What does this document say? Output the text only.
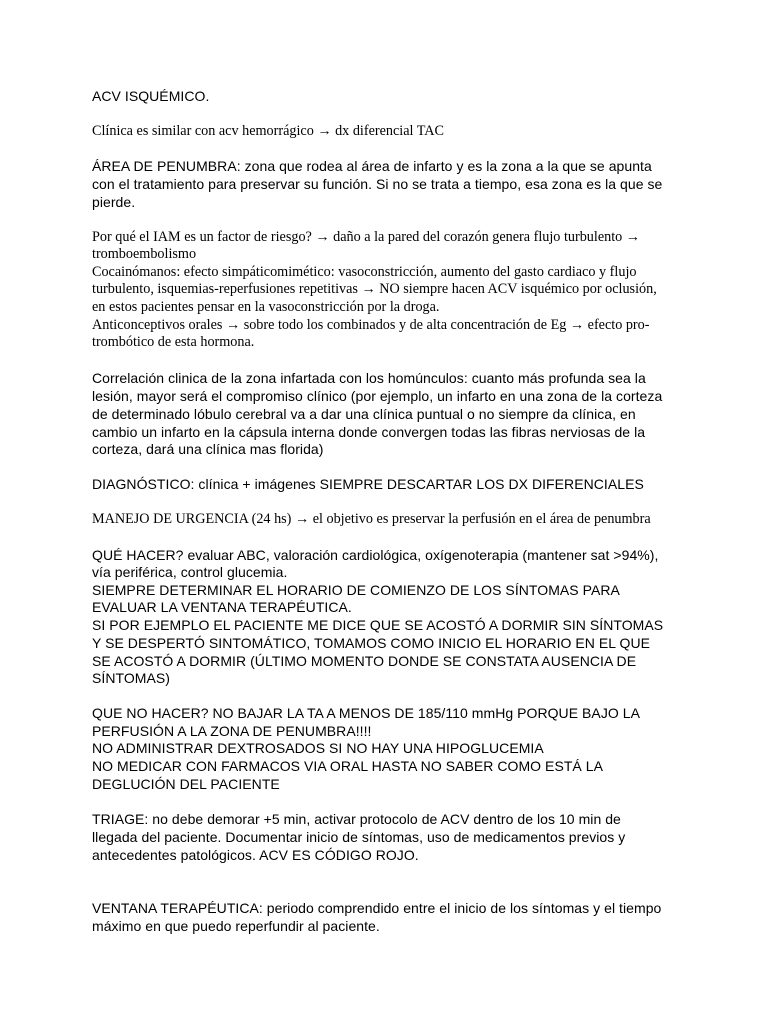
ACV ISQUÉMICO.

Clínica es similar con acv hemorrágico → dx diferencial TAC

ÁREA DE PENUMBRA: zona que rodea al área de infarto y es la zona a la que se apunta

con el tratamiento para preservar su función. Si no se trata a tiempo, esa zona es la que se

pierde.

Por qué el IAM es un factor de riesgo? → daño a la pared del corazón genera flujo turbulento →

tromboembolismo

Cocainómanos: efecto simpáticomimético: vasoconstricción, aumento del gasto cardiaco y flujo

turbulento, isquemias-reperfusiones repetitivas → NO siempre hacen ACV isquémico por oclusión,

en estos pacientes pensar en la vasoconstricción por la droga.

Anticonceptivos orales → sobre todo los combinados y de alta concentración de Eg → efecto pro-

trombótico de esta hormona.

Correlación clinica de la zona infartada con los homúnculos: cuanto más profunda sea la

lesión, mayor será el compromiso clínico (por ejemplo, un infarto en una zona de la corteza

de determinado lóbulo cerebral va a dar una clínica puntual o no siempre da clínica, en

cambio un infarto en la cápsula interna donde convergen todas las fibras nerviosas de la

corteza, dará una clínica mas florida)

DIAGNÓSTICO: clínica + imágenes SIEMPRE DESCARTAR LOS DX DIFERENCIALES

MANEJO DE URGENCIA (24 hs) → el objetivo es preservar la perfusión en el área de penumbra

QUÉ HACER? evaluar ABC, valoración cardiológica, oxígenoterapia (mantener sat >94%),

vía periférica, control glucemia.

SIEMPRE DETERMINAR EL HORARIO DE COMIENZO DE LOS SÍNTOMAS PARA

EVALUAR LA VENTANA TERAPÉUTICA.

SI POR EJEMPLO EL PACIENTE ME DICE QUE SE ACOSTÓ A DORMIR SIN SÍNTOMAS

Y SE DESPERTÓ SINTOMÁTICO, TOMAMOS COMO INICIO EL HORARIO EN EL QUE

SE ACOSTÓ A DORMIR (ÚLTIMO MOMENTO DONDE SE CONSTATA AUSENCIA DE

SÍNTOMAS)

QUE NO HACER? NO BAJAR LA TA A MENOS DE 185/110 mmHg PORQUE BAJO LA

PERFUSIÓN A LA ZONA DE PENUMBRA!!!!

NO ADMINISTRAR DEXTROSADOS SI NO HAY UNA HIPOGLUCEMIA

NO MEDICAR CON FARMACOS VIA ORAL HASTA NO SABER COMO ESTÁ LA

DEGLUCIÓN DEL PACIENTE

TRIAGE: no debe demorar +5 min, activar protocolo de ACV dentro de los 10 min de

llegada del paciente. Documentar inicio de síntomas, uso de medicamentos previos y

antecedentes patológicos. ACV ES CÓDIGO ROJO.

VENTANA TERAPÉUTICA: periodo comprendido entre el inicio de los síntomas y el tiempo

máximo en que puedo reperfundir al paciente.
